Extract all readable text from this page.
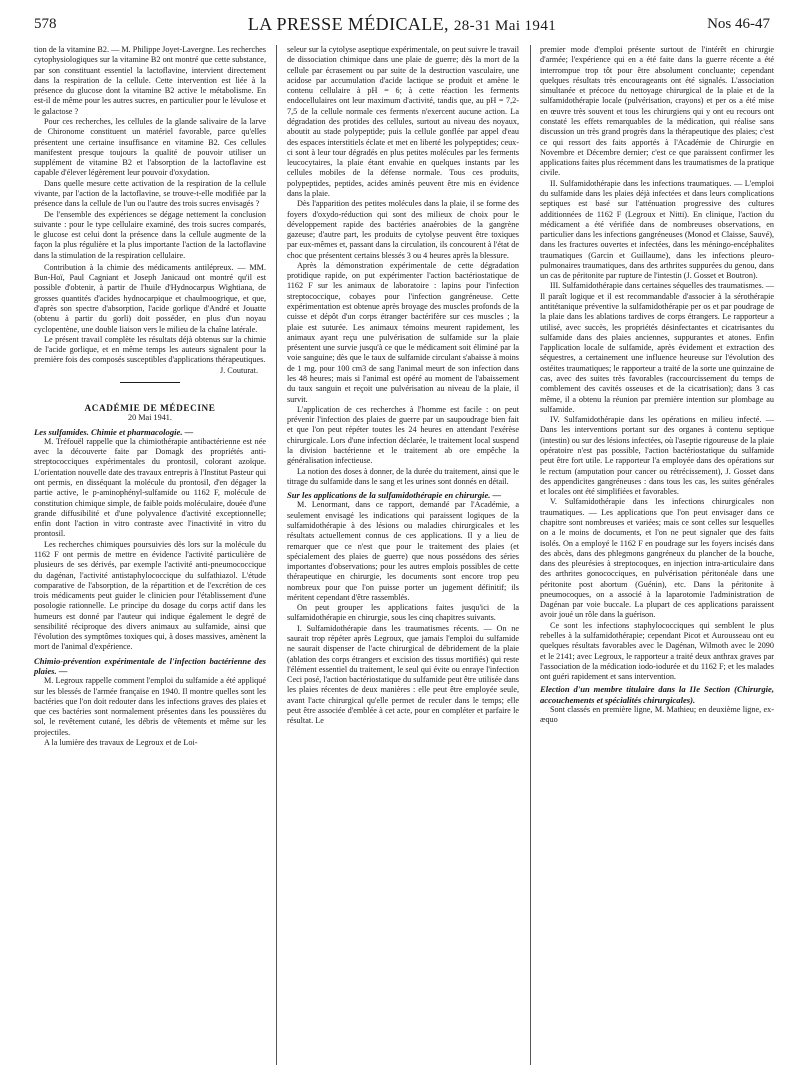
578	LA PRESSE MÉDICALE, 28-31 Mai 1941	Nos 46-47

tion de la vitamine B2. — M. Philippe Joyet-Lavergne. Les recherches cytophysiologiques sur la vitamine B2 ont montré que cette substance, par son constituant essentiel la lactoflavine, intervient directement dans la respiration de la cellule. Cette intervention est liée à la présence du glucose dont la vitamine B2 active le métabolisme. En est-il de même pour les autres sucres, en particulier pour le lévulose et le galactose ?

Pour ces recherches, les cellules de la glande salivaire de la larve de Chironome constituent un matériel favorable, parce qu'elles présentent une certaine insuffisance en vitamine B2. Ces cellules manifestent presque toujours la qualité de pouvoir utiliser un supplément de vitamine B2 et l'absorption de la lactoflavine est capable d'élever légèrement leur pouvoir d'oxydation.

Dans quelle mesure cette activation de la respiration de la cellule vivante, par l'action de la lactoflavine, se trouve-t-elle modifiée par la présence dans la cellule de l'un ou l'autre des trois sucres envisagés ?

De l'ensemble des expériences se dégage nettement la conclusion suivante : pour le type cellulaire examiné, des trois sucres comparés, le glucose est celui dont la présence dans la cellule augmente de la façon la plus régulière et la plus importante l'action de la lactoflavine dans la stimulation de la respiration cellulaire.

Contribution à la chimie des médicaments antilépreux. — MM. Bun-Hoï, Paul Cagniant et Joseph Janicaud ont montré qu'il est possible d'obtenir, à partir de l'huile d'Hydnocarpus Wightiana, de grosses quantités d'acides hydnocarpique et chaulmoogrique, et que, d'après son spectre d'absorption, l'acide gorlique d'André et Jouatte (obtenu à partir du gorli) doit posséder, en plus d'un noyau cyclopentène, une double liaison vers le milieu de la chaîne latérale.

Le présent travail complète les résultats déjà obtenus sur la chimie de l'acide gorlique, et en même temps les auteurs signalent pour la première fois des composés susceptibles d'applications thérapeutiques.

J. Couturat.

ACADÉMIE DE MÉDECINE

20 Mai 1941.

Les sulfamides. Chimie et pharmacologie. —

M. Tréfouël rappelle que la chimiothérapie antibactérienne est née avec la découverte faite par Domagk des propriétés anti-streptococciques expérimentales du prontosil, colorant azoïque. L'orientation nouvelle date des travaux entrepris à l'Institut Pasteur qui ont permis, en disséquant la molécule du prontosil, d'en dégager la partie active, le p-aminophényl-sulfamide ou 1162 F, molécule de constitution chimique simple, de faible poids moléculaire, douée d'une grande diffusibilité et d'une polyvalence d'activité exceptionnelle; enfin dont l'action in vitro contraste avec l'inactivité in vitro du prontosil.

Les recherches chimiques poursuivies dès lors sur la molécule du 1162 F ont permis de mettre en évidence l'activité particulière de plusieurs de ses dérivés, par exemple l'activité anti-pneumococcique du dagénan, l'activité antistaphylococcique du sulfathiazol. L'étude comparative de l'absorption, de la répartition et de l'excrétion de ces trois médicaments peut guider le clinicien pour l'établissement d'une posologie rationnelle. Le principe du dosage du corps actif dans les humeurs est donné par l'auteur qui indique également le degré de sensibilité réciproque des divers animaux au sulfamide, ainsi que l'évolution des symptômes toxiques qui, à doses massives, amènent la mort de l'animal d'expérience.

Chimio-prévention expérimentale de l'infection bactérienne des plaies. —

M. Legroux rappelle comment l'emploi du sulfamide a été appliqué sur les blessés de l'armée française en 1940. Il montre quelles sont les bactéries que l'on doit redouter dans les infections graves des plaies et que ces bactéries sont normalement présentes dans les poussières du sol, le revêtement cutané, les débris de vêtements et même sur les projectiles.

A la lumière des travaux de Legroux et de Loi-

seleur sur la cytolyse aseptique expérimentale, on peut suivre le travail de dissociation chimique dans une plaie de guerre; dès la mort de la cellule par écrasement ou par suite de la destruction vasculaire, une acidose par accumulation d'acide lactique se produit et amène le contenu cellulaire à pH = 6; à cette réaction les ferments endocellulaires ont leur maximum d'activité, tandis que, au pH = 7,2-7,5 de la cellule normale ces ferments n'exercent aucune action. La dégradation des protides des cellules, surtout au niveau des noyaux, aboutit au stade polypeptide; puis la cellule gonflée par appel d'eau des espaces interstitiels éclate et met en liberté les polypeptides; ceux-ci sont à leur tour dégradés en plus petites molécules par les ferments leucocytaires, la plaie étant envahie en quelques instants par les cellules mobiles de la défense normale. Tous ces produits, polypeptides, peptides, acides aminés peuvent être mis en évidence dans la plaie.

Dès l'apparition des petites molécules dans la plaie, il se forme des foyers d'oxydo-réduction qui sont des milieux de choix pour le développement rapide des bactéries anaérobies de la gangrène gazeuse; d'autre part, les produits de cytolyse peuvent être toxiques par eux-mêmes et, passant dans la circulation, ils concourent à l'état de choc que présentent certains blessés 3 ou 4 heures après la blessure.

Après la démonstration expérimentale de cette dégradation protidique rapide, on put expérimenter l'action bactériostatique de 1162 F sur les animaux de laboratoire : lapins pour l'infection streptococcique, cobayes pour l'infection gangréneuse. Cette expérimentation est obtenue après broyage des muscles profonds de la cuisse et dépôt d'un corps étranger bactérifère sur ces muscles ; la plaie est suturée. Les animaux témoins meurent rapidement, les animaux ayant reçu une pulvérisation de sulfamide sur la plaie présentent une survie jusqu'à ce que le médicament soit éliminé par la voie sanguine; dès que le taux de sulfamide circulant s'abaisse à moins de 1 mg. pour 100 cm3 de sang l'animal meurt de son infection dans les 48 heures; mais si l'animal est opéré au moment de l'abaissement du taux sanguin et reçoit une pulvérisation au niveau de la plaie, il survit.

L'application de ces recherches à l'homme est facile : on peut prévenir l'infection des plaies de guerre par un saupoudrage bien fait et que l'on peut répéter toutes les 24 heures en attendant l'exérèse chirurgicale. Lors d'une infection déclarée, le traitement local suspend la division bactérienne et le traitement ab ore empêche la généralisation infectieuse.

La notion des doses à donner, de la durée du traitement, ainsi que le titrage du sulfamide dans le sang et les urines sont donnés en détail.

Sur les applications de la sulfamidothérapie en chirurgie. —

M. Lenormant, dans ce rapport, demandé par l'Académie, a seulement envisagé les indications qui paraissent logiques de la sulfamidothérapie à des lésions ou maladies chirurgicales et les résultats actuellement connus de ces applications. Il y a lieu de remarquer que ce n'est que pour le traitement des plaies (et spécialement des plaies de guerre) que nous possédons des séries importantes d'observations; pour les autres emplois possibles de cette thérapeutique en chirurgie, les documents sont encore trop peu nombreux pour que l'on puisse porter un jugement définitif; ils méritent cependant d'être rassemblés.

On peut grouper les applications faites jusqu'ici de la sulfamidothérapie en chirurgie, sous les cinq chapitres suivants.

I. Sulfamidothérapie dans les traumatismes récents. — On ne saurait trop répéter après Legroux, que jamais l'emploi du sulfamide ne saurait dispenser de l'acte chirurgical de débridement de la plaie (ablation des corps étrangers et excision des tissus mortifiés) qui reste l'élément essentiel du traitement, le seul qui évite ou enraye l'infection Ceci posé, l'action bactériostatique du sulfamide peut être utilisée dans les plaies récentes de deux manières : elle peut être employée seule, avant l'acte chirurgical qu'elle permet de reculer dans le temps; elle peut être associée d'emblée à cet acte, pour en compléter et parfaire le résultat. Le

premier mode d'emploi présente surtout de l'intérêt en chirurgie d'armée; l'expérience qui en a été faite dans la guerre récente a été interrompue trop tôt pour être absolument concluante; cependant quelques résultats très encourageants ont été signalés. L'association simultanée et précoce du nettoyage chirurgical de la plaie et de la sulfamidothérapie locale (pulvérisation, crayons) et per os a été mise en œuvre très souvent et tous les chirurgiens qui y ont eu recours ont constaté les effets remarquables de la médication, qui réalise sans discussion un très grand progrès dans la thérapeutique des plaies; c'est ce qui ressort des faits apportés à l'Académie de Chirurgie en Novembre et Décembre dernier; c'est ce que paraissent confirmer les applications faites plus récemment dans les traumatismes de la pratique civile.

II. Sulfamidothérapie dans les infections traumatiques. — L'emploi du sulfamide dans les plaies déjà infectées et dans leurs complications septiques est basé sur l'atténuation progressive des cultures additionnées de 1162 F (Legroux et Nitti). En clinique, l'action du médicament a été vérifiée dans de nombreuses observations, en particulier dans les infections gangréneuses (Monod et Claisse, Sauvé), dans les fractures ouvertes et infectées, dans les méningo-encéphalites traumatiques (Garcin et Guillaume), dans les infections pleuro-pulmonaires traumatiques, dans des arthrites suppurées du genou, dans un cas de péritonite par rupture de l'intestin (J. Gosset et Boutron).

III. Sulfamidothérapie dans certaines séquelles des traumatismes. — Il paraît logique et il est recommandable d'associer à la sérothérapie antitétanique préventive la sulfamidothérapie per os et par poudrage de la plaie dans les ablations tardives de corps étrangers. Le rapporteur a utilisé, avec succès, les propriétés désinfectantes et cicatrisantes du sulfamide dans des plaies anciennes, suppurantes et atones. Enfin l'application locale de sulfamide, après évidement et extraction des séquestres, a certainement une influence heureuse sur l'évolution des ostéites traumatiques; le rapporteur a traité de la sorte une quinzaine de cas, avec des suites très favorables (raccourcissement du temps de comblement des cavités osseuses et de la cicatrisation); dans 3 cas même, il a obtenu la réunion par première intention sur plombage au sulfamide.

IV. Sulfamidothérapie dans les opérations en milieu infecté. — Dans les interventions portant sur des organes à contenu septique (intestin) ou sur des lésions infectées, où l'aseptie rigoureuse de la plaie opératoire n'est pas possible, l'action bactériostatique du sulfamide peut être fort utile. Le rapporteur l'a employée dans des opérations sur le rectum (amputation pour cancer ou rétrécissement), J. Gosset dans des appendicites gangréneuses : dans tous les cas, les suites générales et locales ont été simplifiées et favorables.

V. Sulfamidothérapie dans les infections chirurgicales non traumatiques. — Les applications que l'on peut envisager dans ce chapitre sont nombreuses et variées; mais ce sont celles sur lesquelles on a le moins de documents, et l'on ne peut signaler que des faits isolés. On a employé le 1162 F en poudrage sur les foyers incisés dans des abcès, dans des phlegmons gangréneux du plancher de la bouche, dans des pleurésies à streptocoques, en injection intra-articulaire dans des arthrites gonococciques, en pulvérisation péritonéale dans une péritonite post abortum (Guénin), etc. Dans la péritonite à pneumocoques, on a associé à la laparotomie l'administration de Dagénan par voie buccale. La plupart de ces applications paraissent avoir joué un rôle dans la guérison.

Ce sont les infections staphylococciques qui semblent le plus rebelles à la sulfamidothérapie; cependant Picot et Aurousseau ont eu quelques résultats favorables avec le Dagénan, Wilmoth avec le 2090 et le 2141; avec Legroux, le rapporteur a traité deux anthrax graves par l'association de la médication iodo-iodurée et du 1162 F; et les malades ont guéri rapidement et sans intervention.

Election d'un membre titulaire dans la IIe Section (Chirurgie, accouchements et spécialités chirurgicales).

Sont classés en première ligne, M. Mathieu; en deuxième ligne, ex-æquo
